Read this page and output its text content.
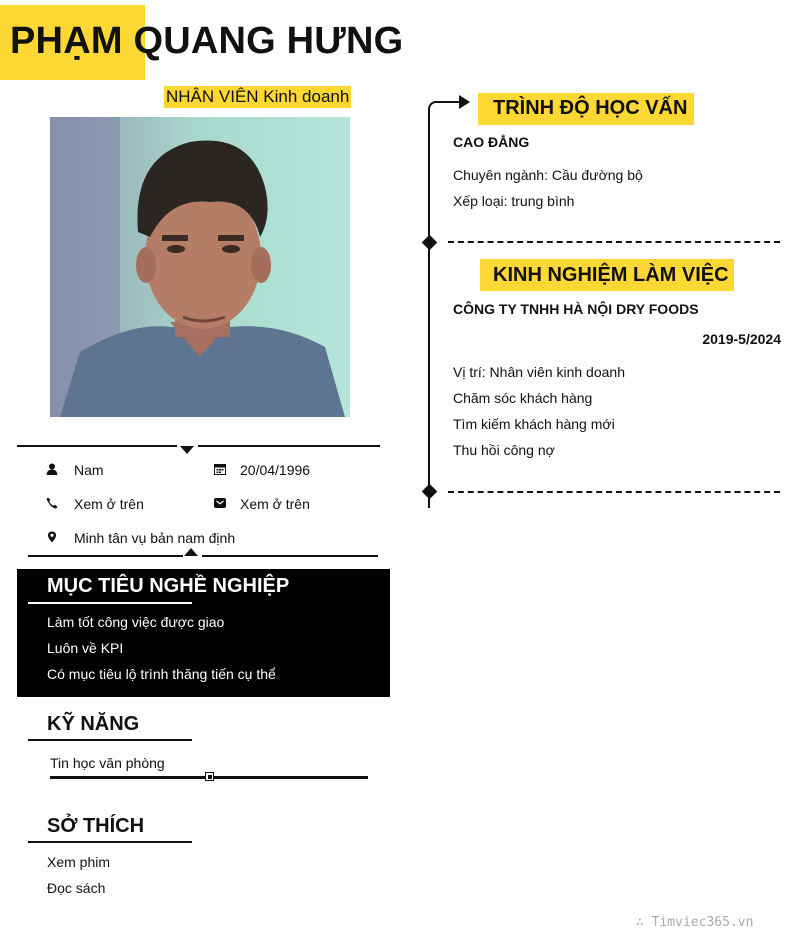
PHẠM QUANG HƯNG
NHÂN VIÊN Kinh doanh
Nam	20/04/1996
Xem ở trên	Xem ở trên
Minh tân vụ bản nam định
MỤC TIÊU NGHỀ NGHIỆP
Làm tốt công việc được giao
Luôn về KPI
Có mục tiêu lộ trình thăng tiến cụ thể
KỸ NĂNG
Tin học văn phòng
SỞ THÍCH
Xem phim
Đọc sách
TRÌNH ĐỘ HỌC VẤN
CAO ĐẲNG
Chuyên ngành: Cầu đường bộ
Xếp loại: trung bình
KINH NGHIỆM LÀM VIỆC
CÔNG TY TNHH HÀ NỘI DRY FOODS
2019-5/2024
Vị trí: Nhân viên kinh doanh
Chăm sóc khách hàng
Tìm kiếm khách hàng mới
Thu hồi công nợ
∴ Timviec365.vn
